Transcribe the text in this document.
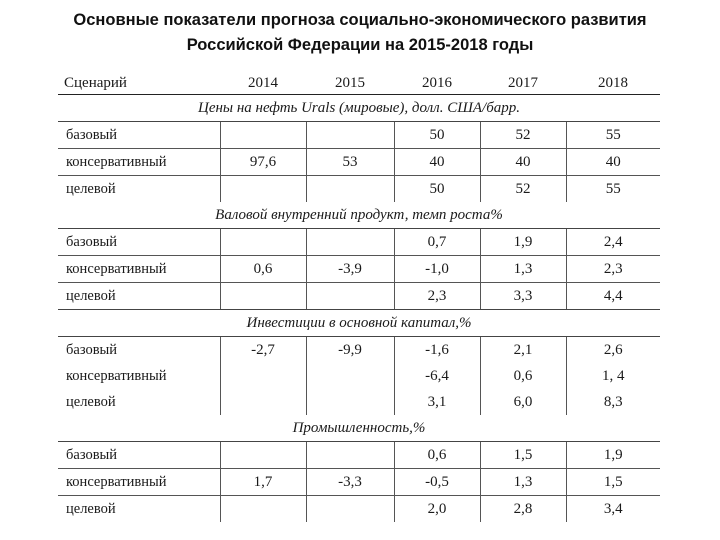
Основные показатели прогноза социально-экономического развития
Российской Федерации на 2015-2018 годы
Сценарий	2014	2015	2016	2017	2018
Цены на нефть Urals (мировые), долл. США/барр.					
базовый			50	52	55
консервативный	97,6	53	40	40	40
целевой			50	52	55
Валовой внутренний продукт, темп роста%					
базовый			0,7	1,9	2,4
консервативный	0,6	-3,9	-1,0	1,3	2,3
целевой			2,3	3,3	4,4
Инвестиции в основной капитал,%					
базовый	-2,7	-9,9	-1,6	2,1	2,6
консервативный			-6,4	0,6	1, 4
целевой			3,1	6,0	8,3
Промышленность,%					
базовый			0,6	1,5	1,9
консервативный	1,7	-3,3	-0,5	1,3	1,5
целевой			2,0	2,8	3,4
